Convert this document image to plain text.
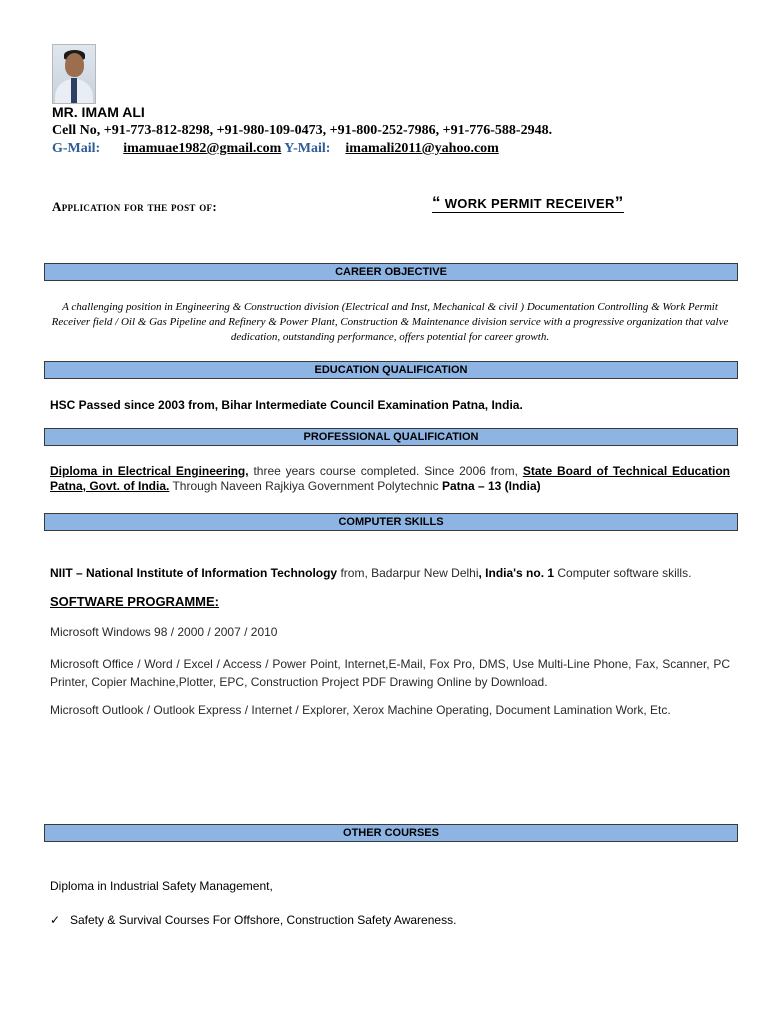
MR. IMAM ALI
Cell No, +91-773-812-8298, +91-980-109-0473, +91-800-252-7986, +91-776-588-2948.
G-Mail: imamuae1982@gmail.com Y-Mail: imamali2011@yahoo.com
Application for the post of:	“ WORK PERMIT RECEIVER”
CAREER OBJECTIVE
A challenging position in Engineering & Construction division (Electrical and Inst, Mechanical & civil ) Documentation Controlling & Work Permit Receiver field / Oil & Gas Pipeline and Refinery & Power Plant, Construction & Maintenance division service with a progressive organization that valve dedication, outstanding performance, offers potential for career growth.
EDUCATION QUALIFICATION
HSC Passed since 2003 from, Bihar Intermediate Council Examination Patna, India.
PROFESSIONAL QUALIFICATION
Diploma in Electrical Engineering, three years course completed. Since 2006 from, State Board of Technical Education Patna, Govt. of India. Through Naveen Rajkiya Government Polytechnic Patna – 13 (India)
COMPUTER SKILLS
NIIT – National Institute of Information Technology from, Badarpur New Delhi, India's no. 1 Computer software skills.
SOFTWARE PROGRAMME:
Microsoft Windows 98 / 2000 / 2007 / 2010
Microsoft Office / Word / Excel / Access / Power Point, Internet,E-Mail, Fox Pro, DMS, Use Multi-Line Phone, Fax, Scanner, PC Printer, Copier Machine,Plotter, EPC, Construction Project PDF Drawing Online by Download.
Microsoft Outlook / Outlook Express / Internet / Explorer, Xerox Machine Operating, Document Lamination Work, Etc.
OTHER COURSES
Diploma in Industrial Safety Management,
✓ Safety & Survival Courses For Offshore, Construction Safety Awareness.
